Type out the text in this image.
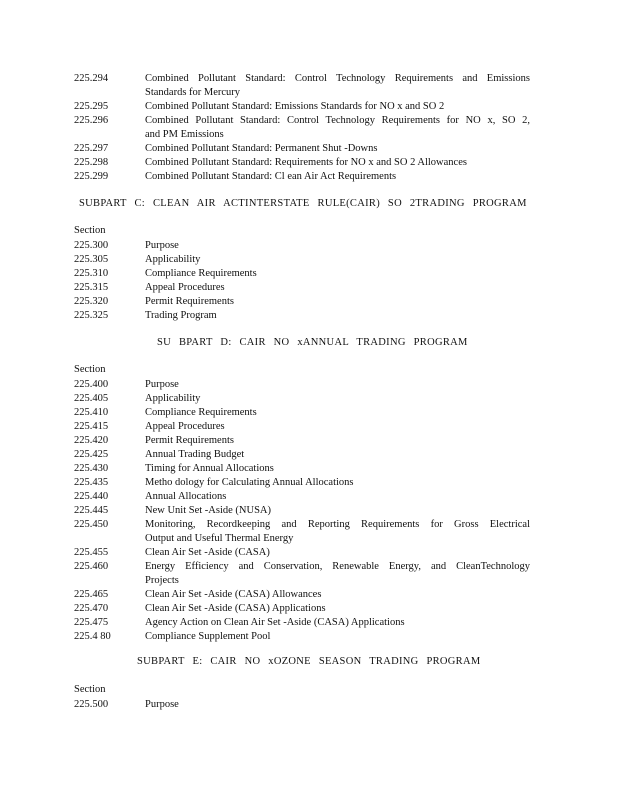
225.294	Combined Pollutant Standard: Control Technology Requirements and Emissions
Standards for Mercury
225.295	Combined Pollutant Standard: Emissions Standards for NO x and SO 2
225.296	Combined Pollutant Standard: Control Technology Requirements for NO x, SO 2,
and PM Emissions
225.297	Combined Pollutant Standard: Permanent Shut -Downs
225.298	Combined Pollutant Standard: Requirements for NO x and SO 2 Allowances
225.299	Combined Pollutant Standard: Cl ean Air Act Requirements
SUBPART C: CLEAN AIR ACTINTERSTATE RULE(CAIR) SO 2TRADING PROGRAM
Section
225.300	Purpose
225.305	Applicability
225.310	Compliance Requirements
225.315	Appeal Procedures
225.320	Permit Requirements
225.325	Trading Program
SU BPART D: CAIR NO xANNUAL TRADING PROGRAM
Section
225.400	Purpose
225.405	Applicability
225.410	Compliance Requirements
225.415	Appeal Procedures
225.420	Permit Requirements
225.425	Annual Trading Budget
225.430	Timing for Annual Allocations
225.435	Metho dology for Calculating Annual Allocations
225.440	Annual Allocations
225.445	New Unit Set -Aside (NUSA)
225.450	Monitoring, Recordkeeping and Reporting Requirements for Gross Electrical
Output and Useful Thermal Energy
225.455	Clean Air Set -Aside (CASA)
225.460	Energy Efficiency and Conservation, Renewable Energy, and CleanTechnology
Projects
225.465	Clean Air Set -Aside (CASA) Allowances
225.470	Clean Air Set -Aside (CASA) Applications
225.475	Agency Action on Clean Air Set -Aside (CASA) Applications
225.4 80	Compliance Supplement Pool
SUBPART E: CAIR NO xOZONE SEASON TRADING PROGRAM
Section
225.500	Purpose
